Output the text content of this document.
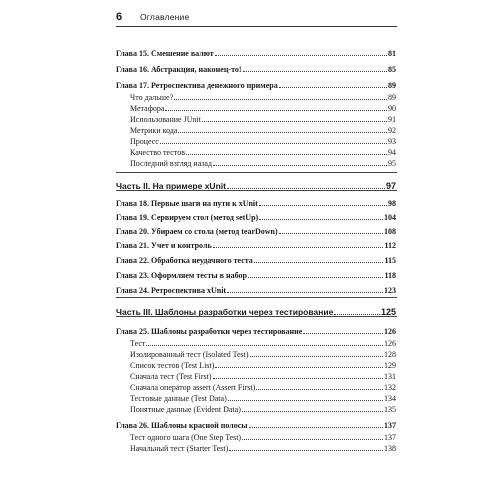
6 Оглавление
Глава 15. Смешение валют	81
Глава 16. Абстракция, наконец-то!	85
Глава 17. Ретроспектива денежного примера	89
Что дальше?	89
Метафора	90
Использование JUnit	91
Метрики кода	92
Процесс	93
Качество тестов	94
Последний взгляд назад	95
Часть II. На примере xUnit	97
Глава 18. Первые шаги на пути к xUnit	98
Глава 19. Сервируем стол (метод setUp)	104
Глава 20. Убираем со стола (метод tearDown)	108
Глава 21. Учет и контроль	112
Глава 22. Обработка неудачного теста	115
Глава 23. Оформляем тесты в набор	118
Глава 24. Ретроспектива xUnit	123
Часть III. Шаблоны разработки через тестирование	125
Глава 25. Шаблоны разработки через тестирование	126
Тест	126
Изолированный тест (Isolated Test)	128
Список тестов (Test List)	129
Сначала тест (Test First)	131
Сначала оператор assert (Assert First)	132
Тестовые данные (Test Data)	134
Понятные данные (Evident Data)	135
Глава 26. Шаблоны красной полосы	137
Тест одного шага (One Step Test)	137
Начальный тест (Starter Test)	138
